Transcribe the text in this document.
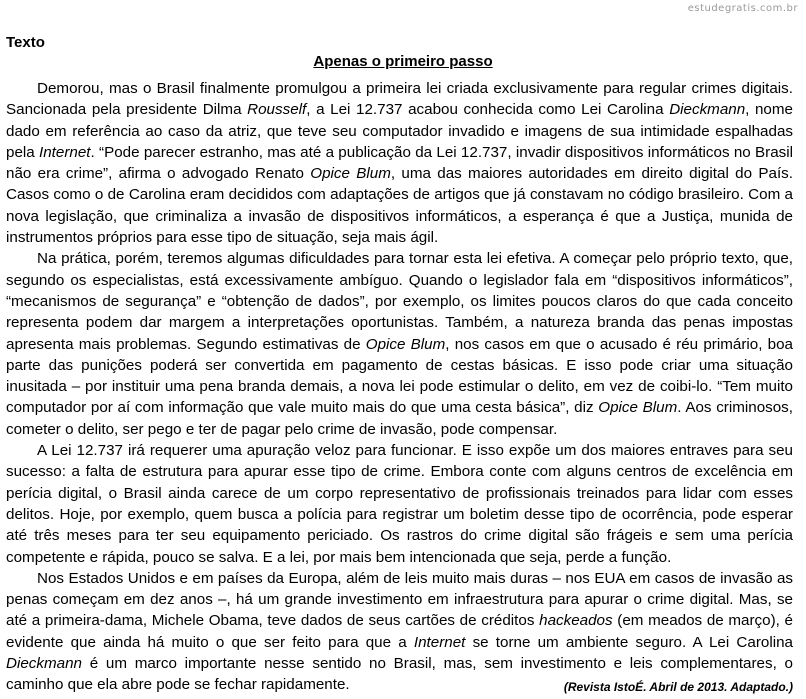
estudegratis.com.br
Texto
Apenas o primeiro passo

Demorou, mas o Brasil finalmente promulgou a primeira lei criada exclusivamente para regular crimes digitais. Sancionada pela presidente Dilma Rousself, a Lei 12.737 acabou conhecida como Lei Carolina Dieckmann, nome dado em referência ao caso da atriz, que teve seu computador invadido e imagens de sua intimidade espalhadas pela Internet. “Pode parecer estranho, mas até a publicação da Lei 12.737, invadir dispositivos informáticos no Brasil não era crime”, afirma o advogado Renato Opice Blum, uma das maiores autoridades em direito digital do País. Casos como o de Carolina eram decididos com adaptações de artigos que já constavam no código brasileiro. Com a nova legislação, que criminaliza a invasão de dispositivos informáticos, a esperança é que a Justiça, munida de instrumentos próprios para esse tipo de situação, seja mais ágil.

Na prática, porém, teremos algumas dificuldades para tornar esta lei efetiva. A começar pelo próprio texto, que, segundo os especialistas, está excessivamente ambíguo. Quando o legislador fala em “dispositivos informáticos”, “mecanismos de segurança” e “obtenção de dados”, por exemplo, os limites poucos claros do que cada conceito representa podem dar margem a interpretações oportunistas. Também, a natureza branda das penas impostas apresenta mais problemas. Segundo estimativas de Opice Blum, nos casos em que o acusado é réu primário, boa parte das punições poderá ser convertida em pagamento de cestas básicas. E isso pode criar uma situação inusitada – por instituir uma pena branda demais, a nova lei pode estimular o delito, em vez de coibi-lo. “Tem muito computador por aí com informação que vale muito mais do que uma cesta básica”, diz Opice Blum. Aos criminosos, cometer o delito, ser pego e ter de pagar pelo crime de invasão, pode compensar.

A Lei 12.737 irá requerer uma apuração veloz para funcionar. E isso expõe um dos maiores entraves para seu sucesso: a falta de estrutura para apurar esse tipo de crime. Embora conte com alguns centros de excelência em perícia digital, o Brasil ainda carece de um corpo representativo de profissionais treinados para lidar com esses delitos. Hoje, por exemplo, quem busca a polícia para registrar um boletim desse tipo de ocorrência, pode esperar até três meses para ter seu equipamento periciado. Os rastros do crime digital são frágeis e sem uma perícia competente e rápida, pouco se salva. E a lei, por mais bem intencionada que seja, perde a função.

Nos Estados Unidos e em países da Europa, além de leis muito mais duras – nos EUA em casos de invasão as penas começam em dez anos –, há um grande investimento em infraestrutura para apurar o crime digital. Mas, se até a primeira-dama, Michele Obama, teve dados de seus cartões de créditos hackeados (em meados de março), é evidente que ainda há muito o que ser feito para que a Internet se torne um ambiente seguro. A Lei Carolina Dieckmann é um marco importante nesse sentido no Brasil, mas, sem investimento e leis complementares, o caminho que ela abre pode se fechar rapidamente.	(Revista IstoÉ. Abril de 2013. Adaptado.)
